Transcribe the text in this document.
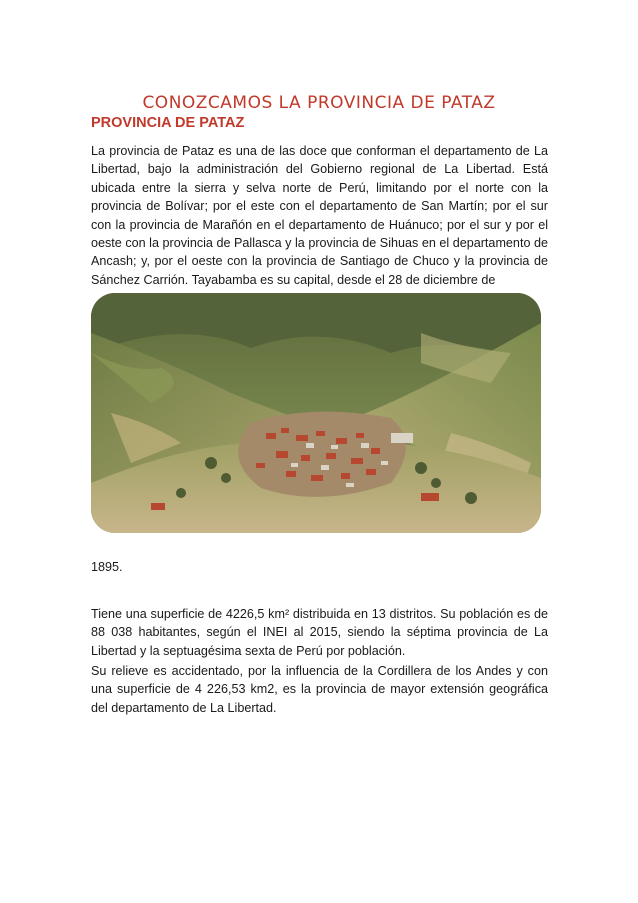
CONOZCAMOS LA PROVINCIA DE PATAZ
PROVINCIA DE PATAZ

La provincia de Pataz es una de las doce que conforman el departamento de La Libertad, bajo la administración del Gobierno regional de La Libertad. Está ubicada entre la sierra y selva norte de Perú, limitando por el norte con la provincia de Bolívar; por el este con el departamento de San Martín; por el sur con la provincia de Marañón en el departamento de Huánuco; por el sur y por el oeste con la provincia de Pallasca y la provincia de Sihuas en el departamento de Ancash; y, por el oeste con la provincia de Santiago de Chuco y la provincia de Sánchez Carrión. Tayabamba es su capital, desde el 28 de diciembre de

1895.

Tiene una superficie de 4226,5 km² distribuida en 13 distritos. Su población es de 88 038 habitantes, según el INEI al 2015, siendo la séptima provincia de La Libertad y la septuagésima sexta de Perú por población.

Su relieve es accidentado, por la influencia de la Cordillera de los Andes y con una superficie de 4 226,53 km2, es la provincia de mayor extensión geográfica del departamento de La Libertad.
